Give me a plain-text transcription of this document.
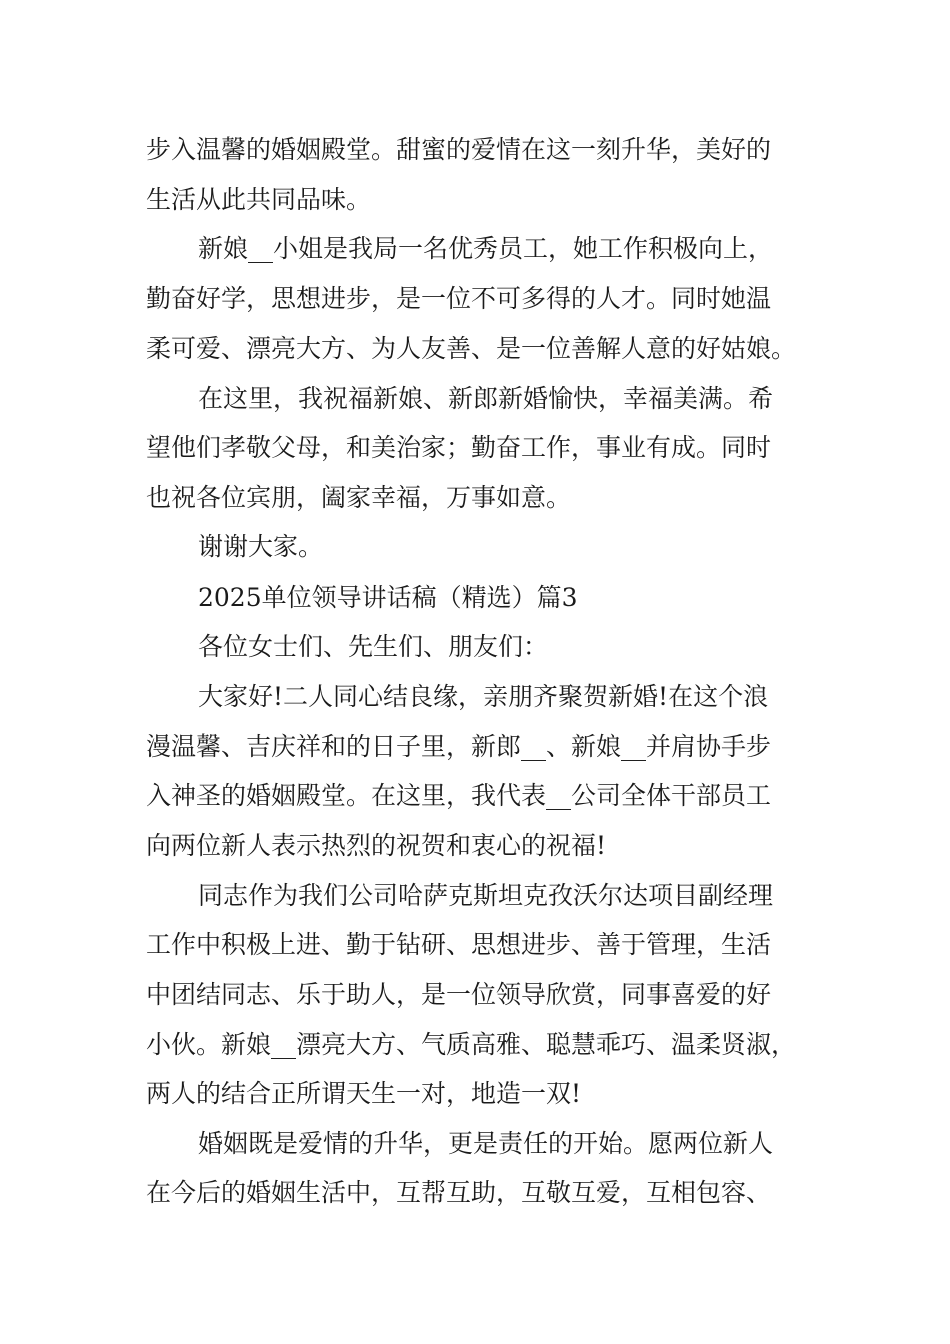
步入温馨的婚姻殿堂。甜蜜的爱情在这一刻升华，美好的
生活从此共同品味。
新娘__小姐是我局一名优秀员工，她工作积极向上，
勤奋好学，思想进步，是一位不可多得的人才。同时她温
柔可爱、漂亮大方、为人友善、是一位善解人意的好姑娘。
在这里，我祝福新娘、新郎新婚愉快，幸福美满。希
望他们孝敬父母，和美治家；勤奋工作，事业有成。同时
也祝各位宾朋，阖家幸福，万事如意。
谢谢大家。
2025单位领导讲话稿（精选）篇3
各位女士们、先生们、朋友们：
大家好!二人同心结良缘，亲朋齐聚贺新婚!在这个浪
漫温馨、吉庆祥和的日子里，新郎__、新娘__并肩协手步
入神圣的婚姻殿堂。在这里，我代表__公司全体干部员工
向两位新人表示热烈的祝贺和衷心的祝福!
同志作为我们公司哈萨克斯坦克孜沃尔达项目副经理
工作中积极上进、勤于钻研、思想进步、善于管理，生活
中团结同志、乐于助人，是一位领导欣赏，同事喜爱的好
小伙。新娘__漂亮大方、气质高雅、聪慧乖巧、温柔贤淑，
两人的结合正所谓天生一对，地造一双!
婚姻既是爱情的升华，更是责任的开始。愿两位新人
在今后的婚姻生活中，互帮互助，互敬互爱，互相包容、
